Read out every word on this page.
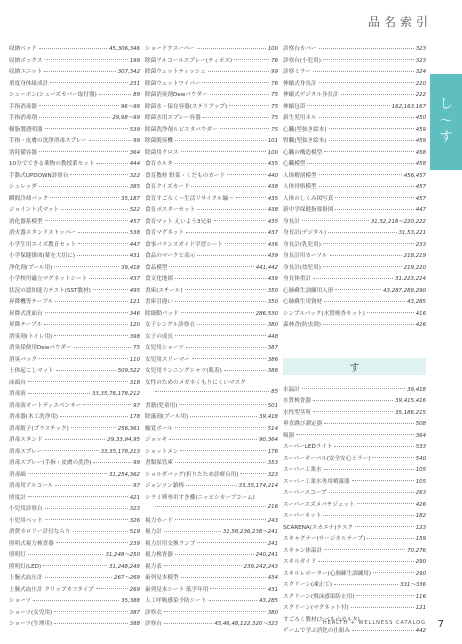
品名索引
し
〜
す
収納ベッド	45,306,346
収納ボックス	199
収納ユニット	307,342
重度身体組成計	231
シューポン(シューズカバー取付器)	89
手指消毒器	96〜99
手指消毒剤	29,98〜99
樹脂製透明器	539
手指・皮膚の洗浄消毒スプレー	99
消耗備容器	364
10分でできる薬物の教授業セット	444
手動式UPDOWN診察台	322
シュレッダ	385
瞬間冷却パック	35,187
ジョイント式マット	522
消化器系模型	457
消火器スタンドストッパー	538
小学生用エイズ教育セット	447
小学保健掛図(薬を大切に)	431
浄化剤(プール用)	39,418
小学校用磁立マグネットシート	437
状況の認知能力テスト(SST教材)	495
昇降機等テーブル	121
昇降式洗面台	346
昇降テーブル	120
消臭剤(トイレ用)	398
消臭採便用Dewパウダー	75
消臭パック	110
上体起こしマット	509,522
床頭台	318
消毒液	33,35,76,178,212
消毒液オートディスペンサー	97
消毒器(木工洗浄用)	178
消毒餃子(プラスチック)	256,361
消毒スタンド	29,33,94,95
消毒スプレー	33,35,178,213
消毒スプレー(手指・皮膚の洗浄)	99
消毒綿	31,254,362
消毒用アルコール	97
照度計	421
小児用診察台	323
小児用ベッド	326
消費カロリー計付ならり	519
照明式視力検査器	239
照明灯	31,248〜250
照明灯(LED)	31,248,249
上腕式血圧計	267〜269
上腕式血圧計 クリップカフタイプ	269
ショーツ	35,388
ショーツ(女児用)	387
ショーツ(生理用)	388
ショードクスーパー	100
除菌アルコールスプレー(ティポス)	76
除菌ウェットティッシュ	99
除菌ウェットワイパー	76
除菌消臭剤Dewパウダー	75
除菌水・保存容器(ステリアップ)	75
除菌水用スプレー容器	75
除菌洗浄剤ルビスタパウダー	75
除菌脱臭機	101
除菌用クロス	100
食育カルタ	435
食育教材 野菜・くだものカード	440
食育クイズカード	438
食育すごろく〜生活リサイクル編〜	435
食育ポスターセット	438
食育マット えいよう3兄弟	435
食育マグネット	437
食事バランスガイド学習シート	436
食品のマークと表示	439
食品模型	441,442
食文化地図	439
書庫(スチール)	350
書庫引違い	350
除細動パッド	286,530
女子シングル診察衣	380
女子の成長	448
女児用ショーツ	387
女児用スリーマー	386
女児用ランニングシャツ(肌着)	386
女性のためのメガネくもりにくいマスク
85
書籍(児童用)	501
除藻剤(プール用)	39,418
触覚ボール	514
ジョッキ	90,364
ショットメン	176
書類保管庫	353
ショルダバッグ(折りたため診療台用)	323
ジョンソン鎮棒	33,35,174,214
シラミ卵専用すき櫛(ニッピシカーブコーム)
216
視力カード	243
視力計	31,56,236,238〜241
視力計用交換ランプ	241
視力検査器	240,241
視力表	239,242,243
歯列見本模型	434
歯列見本シート 低学年用	431
人工呼吸感染予防シート	43,285
診察衣	380
診察台	45,46,48,122,320〜323
診察台カバー	323
診察台(小児用)	323
診察ミラー	324
伸縮式身長計	220
伸縮式デジタル身長計	222
伸縮包帯	162,163,167
新生児用ネル	450
心臓(型抜き絵本)	459
腎臓(型抜き絵本)	459
心臓の構造模型	458
心臓模型	458
人体解剖模型	456,457
人体骨格模型	457
人体のしくみ図写真	457
新中学保健指導掛図	447
身長計	31,52,218〜220,222
身長計(デジタル)	31,53,221
身長計(乳児用)	233
身長計用カーソル	218,219
身長計(幼児用)	219,220
身長体重計	31,223,224
心肺蘇生訓練用人形	43,287,289,290
心肺蘇生用資材	43,285
シンプルパック(水質検査キット)	416
森林香(防虫剤)	426
す
水温計	39,418
水質検査器	39,415,416
水性型茎所	35,186,215
垂直跳び測定器	508
吸器	364
スーパーLEDライト	533
スーパーオーバル(安全安心ミラー)	540
スーパー工業水	105
スーパー工業水専用噴霧器	105
スーパースコープ	263
スーパースズメバチジェット	426
スーパーネット	182
SCARENA(スカエナ)テスク	123
スキャグナー(サージカルテープ)	159
スキャン体温計	70,276
スキルガイド	290
スキルレポーター(心肺蘇生訓練用)	290
スクリーン(凍止て)	331〜336
スクリーン(飛沫感染防止用)	116
スクリーン(マグネット付)	121
すごろく教材(たべものカルタ)
ゲームで学ぶ消化の仕組み	442
HEALTH + WELLNESS CATALOG 7
